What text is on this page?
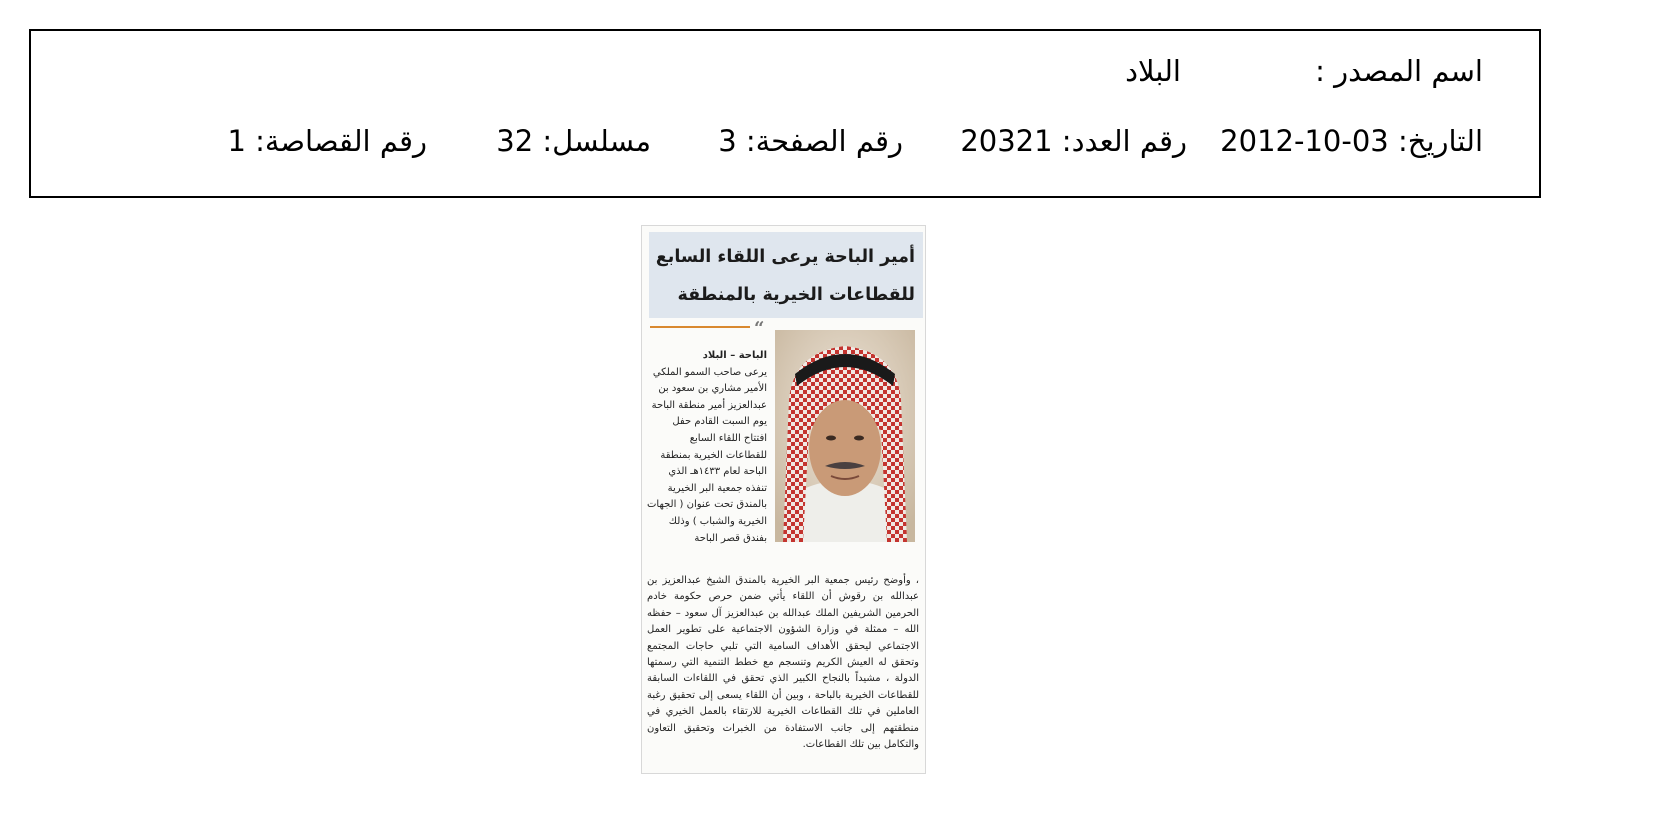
اسم المصدر :
البلاد
التاريخ: 03-10-2012
رقم العدد: 20321
رقم الصفحة: 3
مسلسل: 32
رقم القصاصة: 1
أمير الباحة يرعى اللقاء السابع
للقطاعات الخيرية بالمنطقة
“
الباحة – البلاد
يرعى صاحب السمو الملكي الأمير مشاري بن سعود بن عبدالعزيز أمير منطقة الباحة يوم السبت القادم حفل افتتاح اللقاء السابع للقطاعات الخيرية بمنطقة الباحة لعام ١٤٣٣هـ الذي تنفذه جمعية البر الخيرية بالمندق تحت عنوان ( الجهات الخيرية والشباب ) وذلك بفندق قصر الباحة
، وأوضح رئيس جمعية البر الخيرية بالمندق الشيخ عبدالعزيز بن عبدالله بن رقوش أن اللقاء يأتي ضمن حرص حكومة خادم الحرمين الشريفين الملك عبدالله بن عبدالعزيز آل سعود – حفظه الله – ممثلة في وزارة الشؤون الاجتماعية على تطوير العمل الاجتماعي ليحقق الأهداف السامية التي تلبي حاجات المجتمع وتحقق له العيش الكريم وتنسجم مع خطط التنمية التي رسمتها الدولة ، مشيداً بالنجاح الكبير الذي تحقق في اللقاءات السابقة للقطاعات الخيرية بالباحة ، وبين أن اللقاء يسعى إلى تحقيق رغبة العاملين في تلك القطاعات الخيرية للارتقاء بالعمل الخيري في منطقتهم إلى جانب الاستفادة من الخبرات وتحقيق التعاون والتكامل بين تلك القطاعات.
